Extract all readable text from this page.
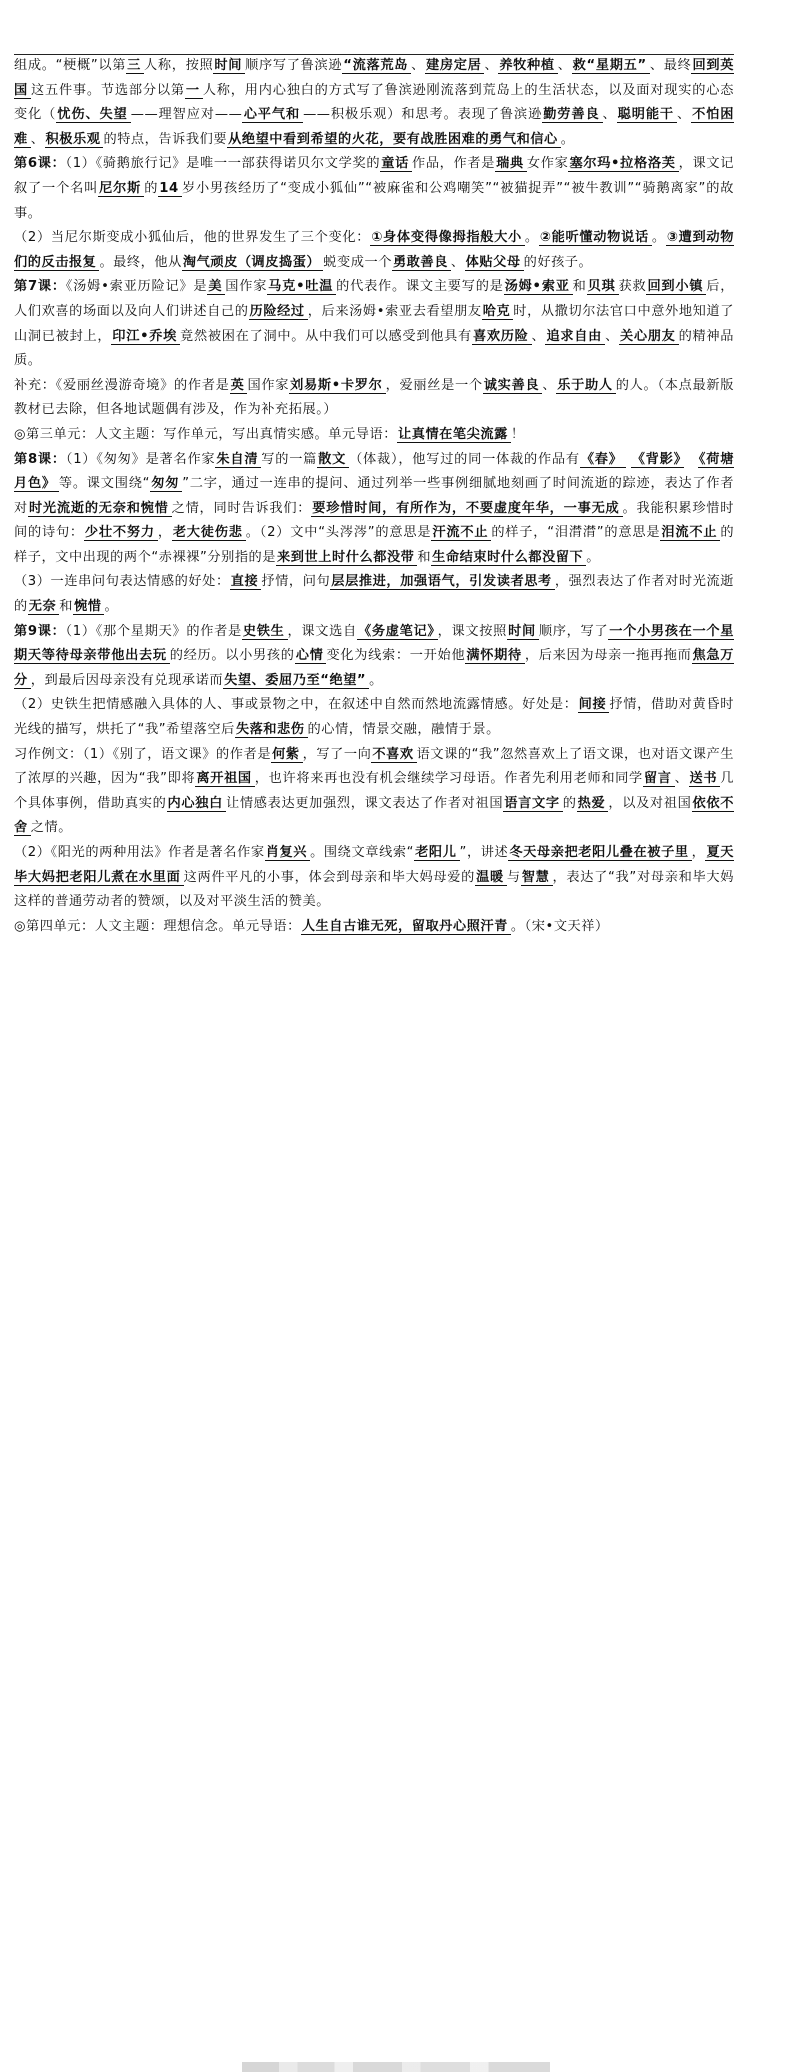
组成。“梗概”以第三 人称，按照时间 顺序写了鲁滨逊“流落荒岛 、建房定居 、养牧种植 、救“星期五” 、最终回到英国 这五件事。节选部分以第一 人称，用内心独白的方式写了鲁滨逊刚流落到荒岛上的生活状态，以及面对现实的心态变化（忧伤、失望 ——理智应对——心平气和 ——积极乐观）和思考。表现了鲁滨逊勤劳善良 、聪明能干 、不怕困难 、积极乐观 的特点，告诉我们要从绝望中看到希望的火花，要有战胜困难的勇气和信心 。

第6课：（1）《骑鹅旅行记》是唯一一部获得诺贝尔文学奖的童话 作品，作者是瑞典 女作家塞尔玛•拉格洛芙 ，课文记叙了一个名叫尼尔斯 的14 岁小男孩经历了“变成小狐仙”“被麻雀和公鸡嘲笑”“被猫捉弄”“被牛教训”“骑鹅离家”的故事。

（2）当尼尔斯变成小狐仙后，他的世界发生了三个变化：①身体变得像拇指般大小 。②能听懂动物说话 。③遭到动物们的反击报复 。最终，他从淘气顽皮（调皮捣蛋） 蜕变成一个勇敢善良 、体贴父母 的好孩子。

第7课：《汤姆•索亚历险记》是美 国作家马克•吐温 的代表作。课文主要写的是汤姆•索亚 和贝琪 获救回到小镇 后，人们欢喜的场面以及向人们讲述自己的历险经过 ，后来汤姆•索亚去看望朋友哈克 时，从撒切尔法官口中意外地知道了山洞已被封上，印江•乔埃 竟然被困在了洞中。从中我们可以感受到他具有喜欢历险 、追求自由 、关心朋友 的精神品质。

补充：《爱丽丝漫游奇境》的作者是英 国作家刘易斯•卡罗尔 ，爱丽丝是一个诚实善良 、乐于助人 的人。（本点最新版教材已去除，但各地试题偶有涉及，作为补充拓展。）

◎第三单元：人文主题：写作单元，写出真情实感。单元导语：让真情在笔尖流露 ！

第8课：（1）《匆匆》是著名作家朱自清 写的一篇散文 （体裁），他写过的同一体裁的作品有《春》 《背影》　 《荷塘月色》 等。课文围绕“匆匆 ”二字，通过一连串的提问、通过列举一些事例细腻地刻画了时间流逝的踪迹，表达了作者对时光流逝的无奈和惋惜 之情，同时告诉我们：要珍惜时间，有所作为，不要虚度年华，一事无成 。我能积累珍惜时间的诗句：少壮不努力 ，老大徒伤悲 。（2）文中“头涔涔”的意思是汗流不止 的样子，“泪潸潸”的意思是泪流不止 的样子，文中出现的两个“赤裸裸”分别指的是来到世上时什么都没带 和生命结束时什么都没留下 。

（3）一连串问句表达情感的好处：直接 抒情，问句层层推进，加强语气，引发读者思考 ，强烈表达了作者对时光流逝的无奈 和惋惜 。

第9课：（1）《那个星期天》的作者是史铁生 ，课文选自《务虚笔记》 ，课文按照时间 顺序，写了一个小男孩在一个星期天等待母亲带他出去玩 的经历。以小男孩的心情 变化为线索：一开始他满怀期待 ，后来因为母亲一拖再拖而焦急万分 ，到最后因母亲没有兑现承诺而失望、委屈乃至“绝望” 。

（2）史铁生把情感融入具体的人、事或景物之中，在叙述中自然而然地流露情感。好处是：间接 抒情，借助对黄昏时光线的描写，烘托了“我”希望落空后失落和悲伤 的心情，情景交融，融情于景。

习作例文：（1）《别了，语文课》的作者是何紫 ，写了一向不喜欢 语文课的“我”忽然喜欢上了语文课，也对语文课产生了浓厚的兴趣，因为“我”即将离开祖国 ，也许将来再也没有机会继续学习母语。作者先利用老师和同学留言 、送书 几个具体事例，借助真实的内心独白 让情感表达更加强烈，课文表达了作者对祖国语言文字 的热爱 ，以及对祖国依依不舍 之情。

（2）《阳光的两种用法》作者是著名作家肖复兴 。围绕文章线索“老阳儿 ”，讲述冬天母亲把老阳儿叠在被子里 ，夏天毕大妈把老阳儿煮在水里面 这两件平凡的小事，体会到母亲和毕大妈母爱的温暖 与智慧 ，表达了“我”对母亲和毕大妈这样的普通劳动者的赞颂，以及对平淡生活的赞美。

◎第四单元：人文主题：理想信念。单元导语：人生自古谁无死，留取丹心照汗青 。（宋•文天祥）
